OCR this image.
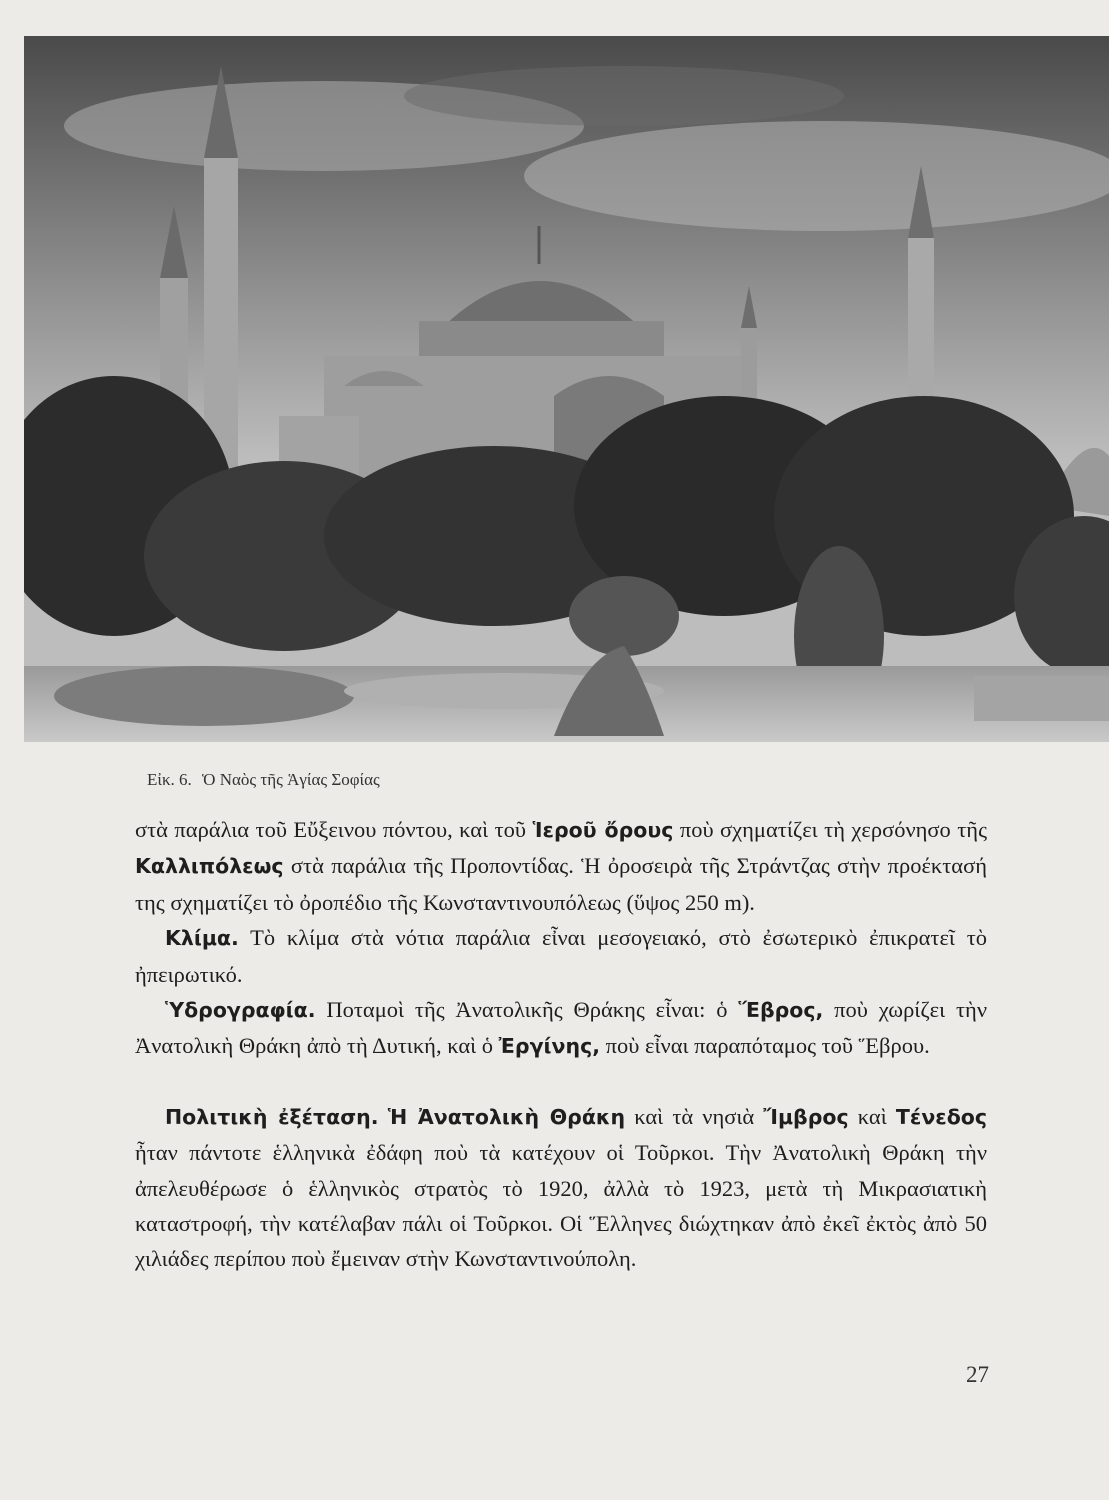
Εἰκ. 6. Ὁ Ναὸς τῆς Ἁγίας Σοφίας

στὰ παράλια τοῦ Εὔξεινου πόντου, καὶ τοῦ Ἱεροῦ ὄρους ποὺ σχηματίζει τὴ χερσόνησο τῆς Καλλιπόλεως στὰ παράλια τῆς Προποντίδας. Ἡ ὀροσειρὰ τῆς Στράντζας στὴν προέκτασή της σχηματίζει τὸ ὀροπέδιο τῆς Κωνσταντινουπόλεως (ὕψος 250 m).

Κλίμα. Τὸ κλίμα στὰ νότια παράλια εἶναι μεσογειακό, στὸ ἐσωτερικὸ ἐπικρατεῖ τὸ ἠπειρωτικό.

Ὑδρογραφία. Ποταμοὶ τῆς Ἀνατολικῆς Θράκης εἶναι: ὁ Ἕβρος, ποὺ χωρίζει τὴν Ἀνατολικὴ Θράκη ἀπὸ τὴ Δυτική, καὶ ὁ Ἐργίνης, ποὺ εἶναι παραπόταμος τοῦ Ἕβρου.

Πολιτικὴ ἐξέταση. Ἡ Ἀνατολικὴ Θράκη καὶ τὰ νησιὰ Ἴμβρος καὶ Τένεδος ἦταν πάντοτε ἑλληνικὰ ἐδάφη ποὺ τὰ κατέχουν οἱ Τοῦρκοι. Τὴν Ἀνατολικὴ Θράκη τὴν ἀπελευθέρωσε ὁ ἑλληνικὸς στρατὸς τὸ 1920, ἀλλὰ τὸ 1923, μετὰ τὴ Μικρασιατικὴ καταστροφή, τὴν κατέλαβαν πάλι οἱ Τοῦρκοι. Οἱ Ἕλληνες διώχτηκαν ἀπὸ ἐκεῖ ἐκτὸς ἀπὸ 50 χιλιάδες περίπου ποὺ ἔμειναν στὴν Κωνσταντινούπολη.

27
